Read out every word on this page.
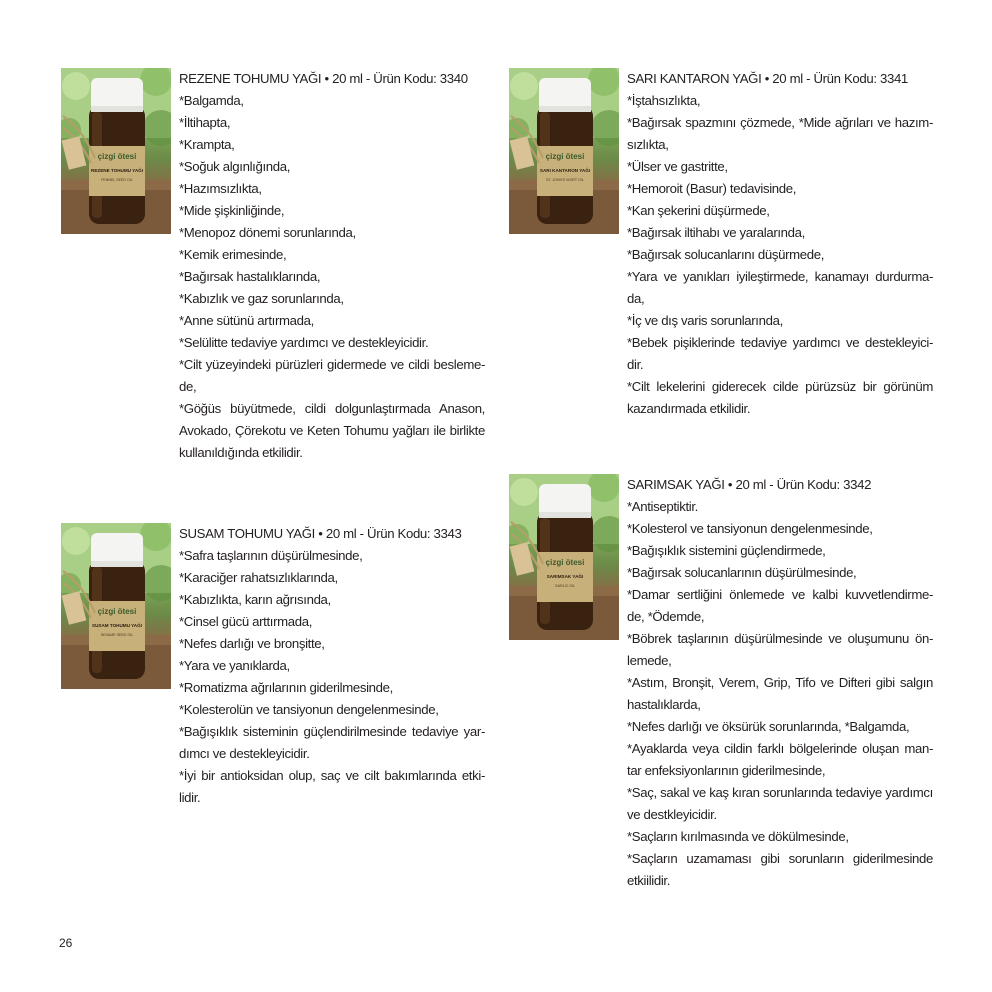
çizgi ötesi
REZENE TOHUMU YAĞI
FENNEL SEED OIL
REZENE TOHUMU YAĞI • 20 ml - Ürün Kodu: 3340
*Balgamda,
*İltihapta,
*Krampta,
*Soğuk algınlığında,
*Hazımsızlıkta,
*Mide şişkinliğinde,
*Menopoz dönemi sorunlarında,
*Kemik erimesinde,
*Bağırsak hastalıklarında,
*Kabızlık ve gaz sorunlarında,
*Anne sütünü artırmada,
*Selülitte tedaviye yardımcı ve destekleyicidir.
*Cilt yüzeyindeki pürüzleri gidermede ve cildi besleme-
de,
*Göğüs büyütmede, cildi dolgunlaştırmada Anason,
Avokado, Çörekotu ve Keten Tohumu yağları ile birlikte
kullanıldığında etkilidir.
çizgi ötesi
SARI KANTARON YAĞI
ST. JOHN'S WORT OIL
SARI KANTARON YAĞI • 20 ml - Ürün Kodu: 3341
*İştahsızlıkta,
*Bağırsak spazmını çözmede, *Mide ağrıları ve hazım-
sızlıkta,
*Ülser ve gastritte,
*Hemoroit (Basur) tedavisinde,
*Kan şekerini düşürmede,
*Bağırsak iltihabı ve yaralarında,
*Bağırsak solucanlarını düşürmede,
*Yara ve yanıkları iyileştirmede, kanamayı durdurma-
da,
*İç ve dış varis sorunlarında,
*Bebek pişiklerinde tedaviye yardımcı ve destekleyici-
dir.
*Cilt lekelerini giderecek cilde pürüzsüz bir görünüm
kazandırmada etkilidir.
çizgi ötesi
SUSAM TOHUMU YAĞI
SESAME SEED OIL
SUSAM TOHUMU YAĞI • 20 ml - Ürün Kodu: 3343
*Safra taşlarının düşürülmesinde,
*Karaciğer rahatsızlıklarında,
*Kabızlıkta, karın ağrısında,
*Cinsel gücü arttırmada,
*Nefes darlığı ve bronşitte,
*Yara ve yanıklarda,
*Romatizma ağrılarının giderilmesinde,
*Kolesterolün ve tansiyonun dengelenmesinde,
*Bağışıklık sisteminin güçlendirilmesinde tedaviye yar-
dımcı ve destekleyicidir.
*İyi bir antioksidan olup, saç ve cilt bakımlarında etki-
lidir.
çizgi ötesi
SARIMSAK YAĞI
GARLIC OIL
SARIMSAK YAĞI • 20 ml - Ürün Kodu: 3342
*Antiseptiktir.
*Kolesterol ve tansiyonun dengelenmesinde,
*Bağışıklık sistemini güçlendirmede,
*Bağırsak solucanlarının düşürülmesinde,
*Damar sertliğini önlemede ve kalbi kuvvetlendirme-
de, *Ödemde,
*Böbrek taşlarının düşürülmesinde ve oluşumunu ön-
lemede,
*Astım, Bronşit, Verem, Grip, Tifo ve Difteri gibi salgın
hastalıklarda,
*Nefes darlığı ve öksürük sorunlarında, *Balgamda,
*Ayaklarda veya cildin farklı bölgelerinde oluşan man-
tar enfeksiyonlarının giderilmesinde,
*Saç, sakal ve kaş kıran sorunlarında tedaviye yardımcı
ve destkleyicidir.
*Saçların kırılmasında ve dökülmesinde,
*Saçların uzamaması gibi sorunların giderilmesinde
etkiilidir.
26
